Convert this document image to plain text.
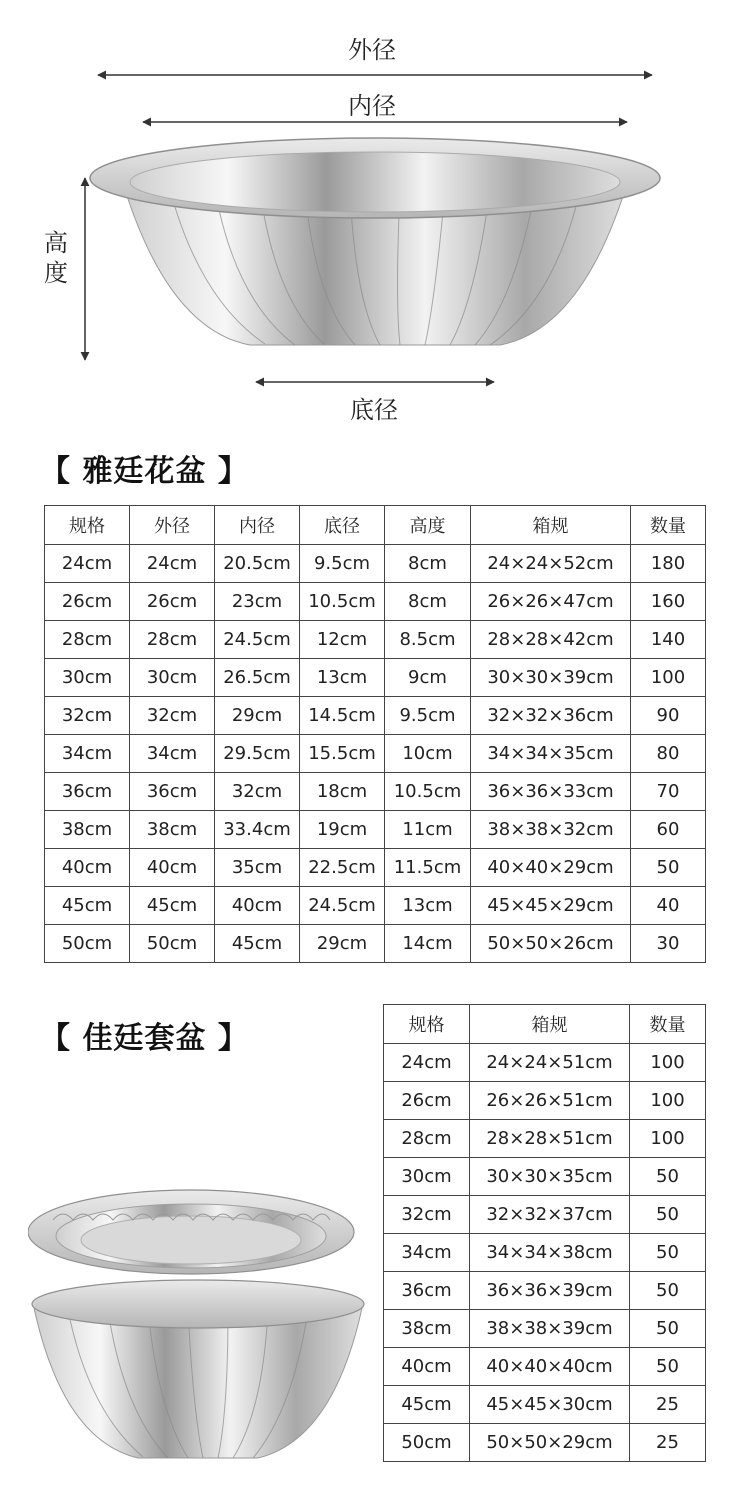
外径
内径
高度
底径
【 雅廷花盆 】
规格	外径	内径	底径	高度	箱规	数量
24cm	24cm	20.5cm	9.5cm	8cm	24×24×52cm	180
26cm	26cm	23cm	10.5cm	8cm	26×26×47cm	160
28cm	28cm	24.5cm	12cm	8.5cm	28×28×42cm	140
30cm	30cm	26.5cm	13cm	9cm	30×30×39cm	100
32cm	32cm	29cm	14.5cm	9.5cm	32×32×36cm	90
34cm	34cm	29.5cm	15.5cm	10cm	34×34×35cm	80
36cm	36cm	32cm	18cm	10.5cm	36×36×33cm	70
38cm	38cm	33.4cm	19cm	11cm	38×38×32cm	60
40cm	40cm	35cm	22.5cm	11.5cm	40×40×29cm	50
45cm	45cm	40cm	24.5cm	13cm	45×45×29cm	40
50cm	50cm	45cm	29cm	14cm	50×50×26cm	30
【 佳廷套盆 】	规格	箱规	数量
24cm	24×24×51cm	100
26cm	26×26×51cm	100
28cm	28×28×51cm	100
30cm	30×30×35cm	50
32cm	32×32×37cm	50
34cm	34×34×38cm	50
36cm	36×36×39cm	50
38cm	38×38×39cm	50
40cm	40×40×40cm	50
45cm	45×45×30cm	25
50cm	50×50×29cm	25
